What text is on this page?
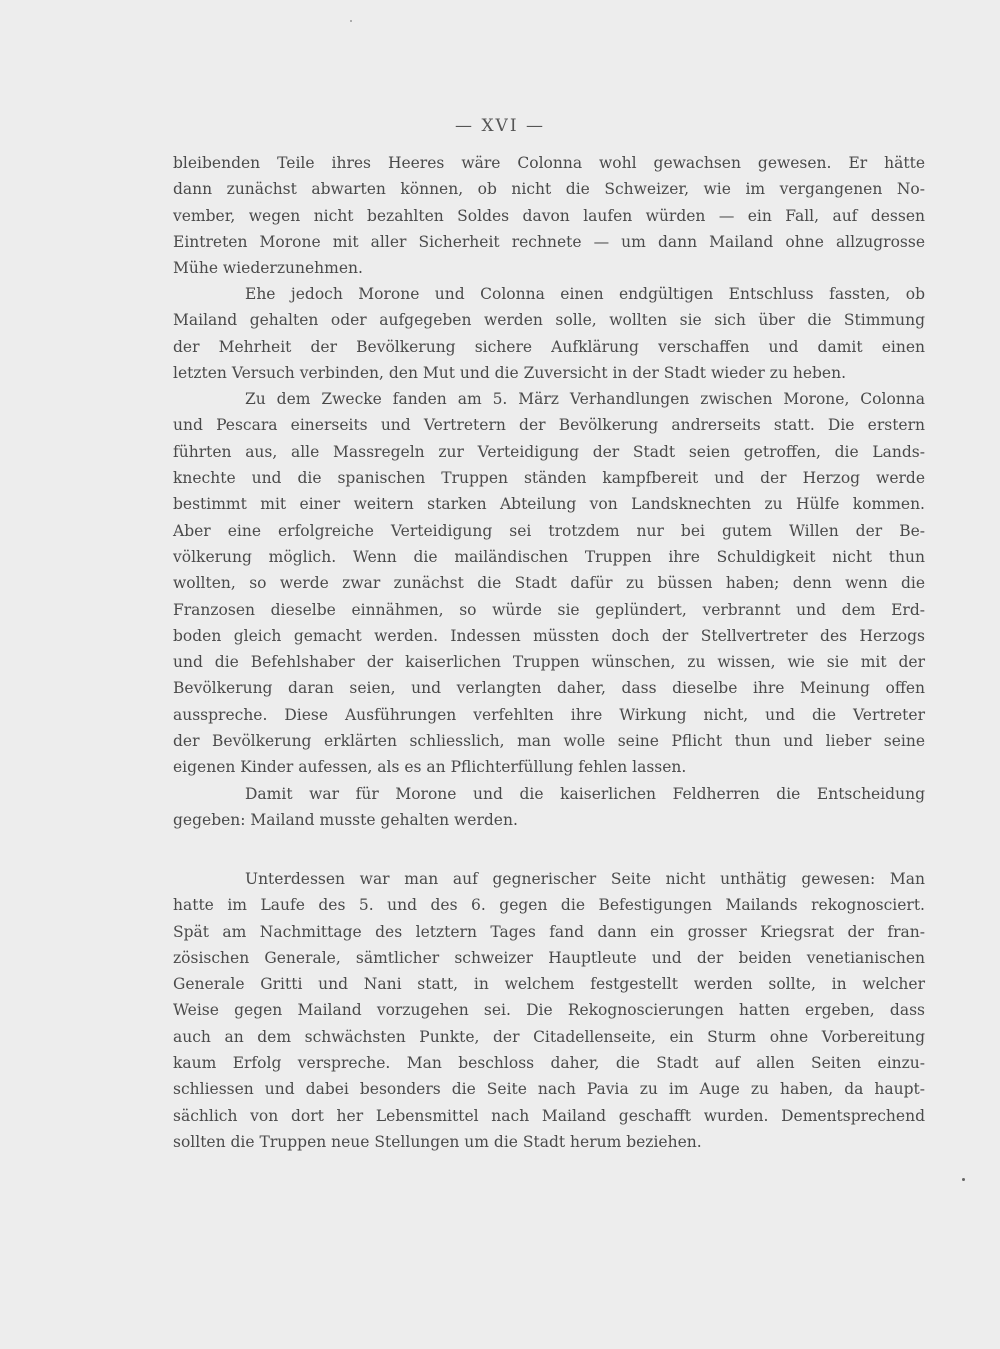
— XVI —
bleibenden Teile ihres Heeres wäre Colonna wohl gewachsen gewesen. Er hätte
dann zunächst abwarten können, ob nicht die Schweizer, wie im vergangenen No-
vember, wegen nicht bezahlten Soldes davon laufen würden — ein Fall, auf dessen
Eintreten Morone mit aller Sicherheit rechnete — um dann Mailand ohne allzugrosse
Mühe wiederzunehmen.
Ehe jedoch Morone und Colonna einen endgültigen Entschluss fassten, ob
Mailand gehalten oder aufgegeben werden solle, wollten sie sich über die Stimmung
der Mehrheit der Bevölkerung sichere Aufklärung verschaffen und damit einen
letzten Versuch verbinden, den Mut und die Zuversicht in der Stadt wieder zu heben.
Zu dem Zwecke fanden am 5. März Verhandlungen zwischen Morone, Colonna
und Pescara einerseits und Vertretern der Bevölkerung andrerseits statt. Die erstern
führten aus, alle Massregeln zur Verteidigung der Stadt seien getroffen, die Lands-
knechte und die spanischen Truppen ständen kampfbereit und der Herzog werde
bestimmt mit einer weitern starken Abteilung von Landsknechten zu Hülfe kommen.
Aber eine erfolgreiche Verteidigung sei trotzdem nur bei gutem Willen der Be-
völkerung möglich. Wenn die mailändischen Truppen ihre Schuldigkeit nicht thun
wollten, so werde zwar zunächst die Stadt dafür zu büssen haben; denn wenn die
Franzosen dieselbe einnähmen, so würde sie geplündert, verbrannt und dem Erd-
boden gleich gemacht werden. Indessen müssten doch der Stellvertreter des Herzogs
und die Befehlshaber der kaiserlichen Truppen wünschen, zu wissen, wie sie mit der
Bevölkerung daran seien, und verlangten daher, dass dieselbe ihre Meinung offen
ausspreche. Diese Ausführungen verfehlten ihre Wirkung nicht, und die Vertreter
der Bevölkerung erklärten schliesslich, man wolle seine Pflicht thun und lieber seine
eigenen Kinder aufessen, als es an Pflichterfüllung fehlen lassen.
Damit war für Morone und die kaiserlichen Feldherren die Entscheidung
gegeben: Mailand musste gehalten werden.
Unterdessen war man auf gegnerischer Seite nicht unthätig gewesen: Man
hatte im Laufe des 5. und des 6. gegen die Befestigungen Mailands rekognosciert.
Spät am Nachmittage des letztern Tages fand dann ein grosser Kriegsrat der fran-
zösischen Generale, sämtlicher schweizer Hauptleute und der beiden venetianischen
Generale Gritti und Nani statt, in welchem festgestellt werden sollte, in welcher
Weise gegen Mailand vorzugehen sei. Die Rekognoscierungen hatten ergeben, dass
auch an dem schwächsten Punkte, der Citadellenseite, ein Sturm ohne Vorbereitung
kaum Erfolg verspreche. Man beschloss daher, die Stadt auf allen Seiten einzu-
schliessen und dabei besonders die Seite nach Pavia zu im Auge zu haben, da haupt-
sächlich von dort her Lebensmittel nach Mailand geschafft wurden. Dementsprechend
sollten die Truppen neue Stellungen um die Stadt herum beziehen.
